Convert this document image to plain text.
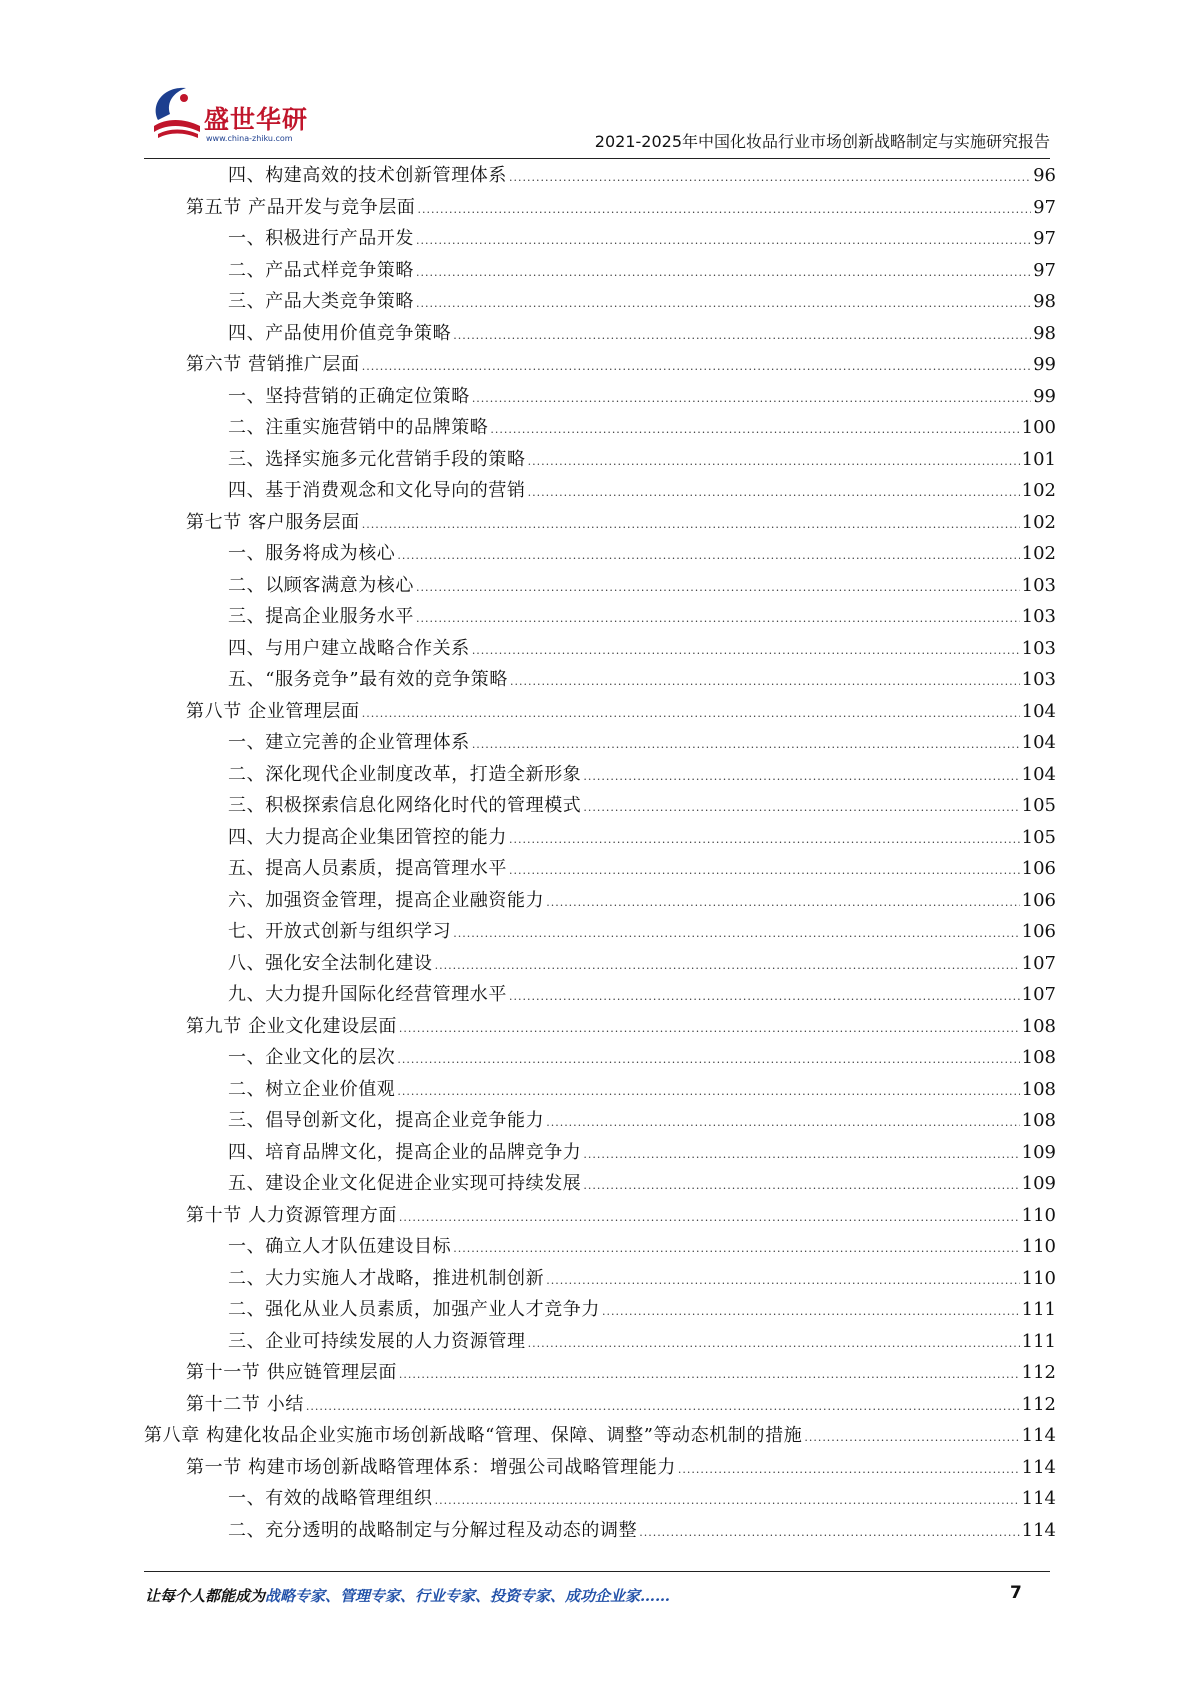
盛世华研
www.china-zhiku.com	2021-2025年中国化妆品行业市场创新战略制定与实施研究报告
四、构建高效的技术创新管理体系 .....	96
第五节 产品开发与竞争层面 .....	97
一、积极进行产品开发 .....	97
二、产品式样竞争策略 .....	97
三、产品大类竞争策略 .....	98
四、产品使用价值竞争策略 .....	98
第六节 营销推广层面 .....	99
一、坚持营销的正确定位策略 .....	99
二、注重实施营销中的品牌策略 .....	100
三、选择实施多元化营销手段的策略 .....	101
四、基于消费观念和文化导向的营销 .....	102
第七节 客户服务层面 .....	102
一、服务将成为核心 .....	102
二、以顾客满意为核心 .....	103
三、提高企业服务水平 .....	103
四、与用户建立战略合作关系 .....	103
五、“服务竞争”最有效的竞争策略 .....	103
第八节 企业管理层面 .....	104
一、建立完善的企业管理体系 .....	104
二、深化现代企业制度改革，打造全新形象 .....	104
三、积极探索信息化网络化时代的管理模式 .....	105
四、大力提高企业集团管控的能力 .....	105
五、提高人员素质，提高管理水平 .....	106
六、加强资金管理，提高企业融资能力 .....	106
七、开放式创新与组织学习 .....	106
八、强化安全法制化建设 .....	107
九、大力提升国际化经营管理水平 .....	107
第九节 企业文化建设层面 .....	108
一、企业文化的层次 .....	108
二、树立企业价值观 .....	108
三、倡导创新文化，提高企业竞争能力 .....	108
四、培育品牌文化，提高企业的品牌竞争力 .....	109
五、建设企业文化促进企业实现可持续发展 .....	109
第十节 人力资源管理方面 .....	110
一、确立人才队伍建设目标 .....	110
二、大力实施人才战略，推进机制创新 .....	110
二、强化从业人员素质，加强产业人才竞争力 .....	111
三、企业可持续发展的人力资源管理 .....	111
第十一节 供应链管理层面 .....	112
第十二节 小结 .....	112
第八章 构建化妆品企业实施市场创新战略“管理、保障、调整”等动态机制的措施 .....	114
第一节 构建市场创新战略管理体系：增强公司战略管理能力 .....	114
一、有效的战略管理组织 .....	114
二、充分透明的战略制定与分解过程及动态的调整 .....	114
让每个人都能成为战略专家、管理专家、行业专家、投资专家、成功企业家……	7
